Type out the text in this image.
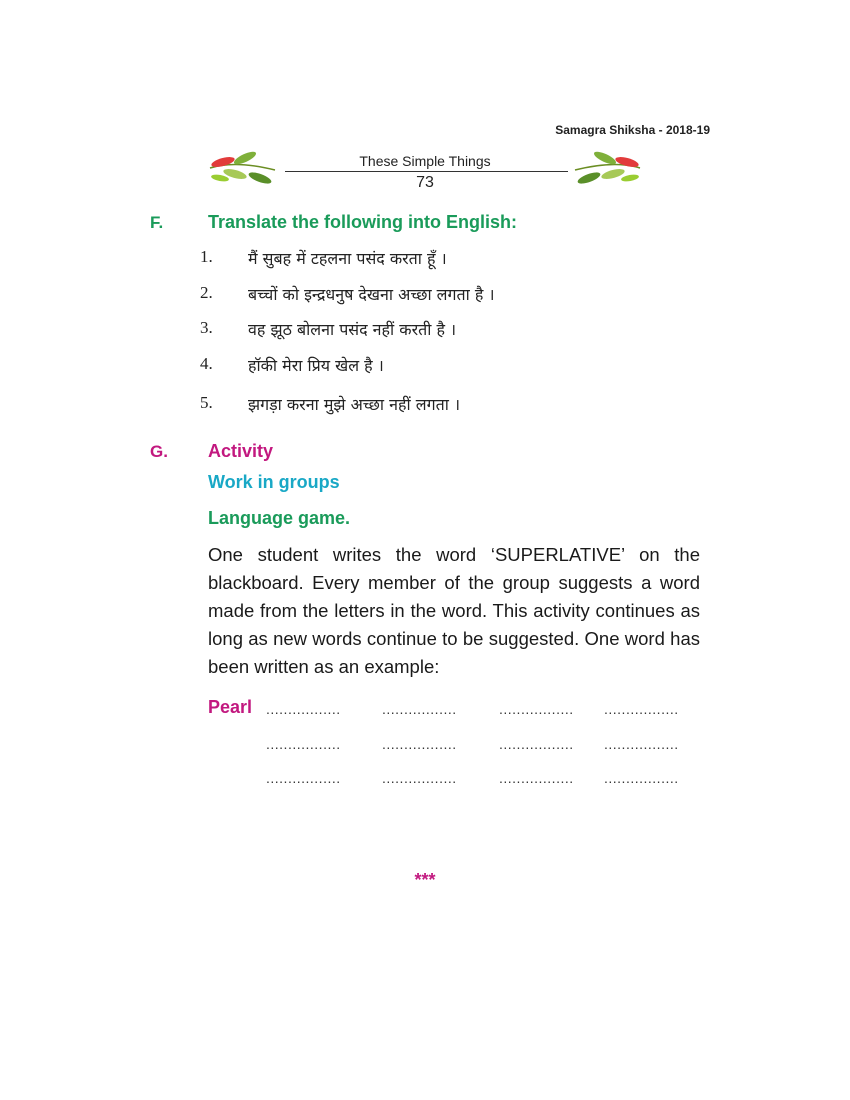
Samagra Shiksha - 2018-19
These Simple Things
73
F. Translate the following into English:
1.	मैं सुबह में टहलना पसंद करता हूँ ।
2.	बच्चों को इन्द्रधनुष देखना अच्छा लगता है ।
3.	वह झूठ बोलना पसंद नहीं करती है ।
4.	हॉकी मेरा प्रिय खेल है ।
5.	झगड़ा करना मुझे अच्छा नहीं लगता ।
G. Activity
Work in groups
Language game.
One student writes the word ‘SUPERLATIVE’ on the blackboard. Every member of the group suggests a word made from the letters in the word. This activity continues as long as new words continue to be suggested. One word has been written as an example:
Pearl .................	.................	................. .................
.................	.................	................. .................
.................	.................	................. .................
***
